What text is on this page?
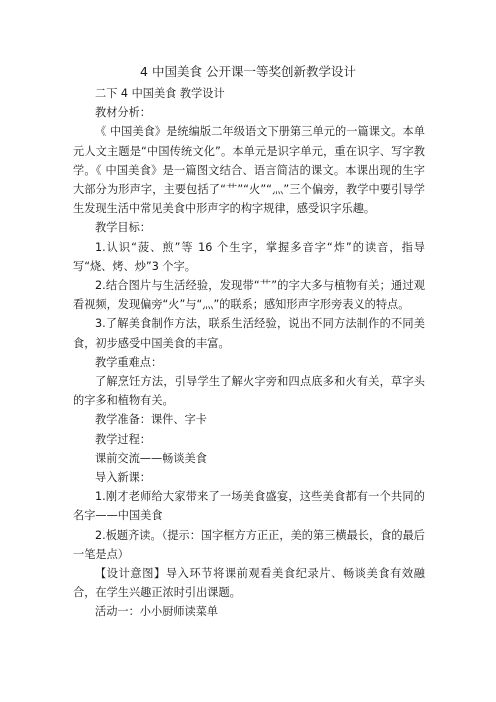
4 中国美食 公开课一等奖创新教学设计

二下 4 中国美食 教学设计

教材分析：

《 中国美食》是统编版二年级语文下册第三单元的一篇课文。本单元人文主题是“中国传统文化”。本单元是识字单元，重在识字、写字教学。《 中国美食》是一篇图文结合、语言简洁的课文。本课出现的生字大部分为形声字，主要包括了“艹”“火”“灬”三个偏旁，教学中要引导学生发现生活中常见美食中形声字的构字规律，感受识字乐趣。

教学目标：

1.认识“菠、煎”等 16 个生字，掌握多音字“炸”的读音，指导写“烧、烤、炒”3 个字。

2.结合图片与生活经验，发现带“艹”的字大多与植物有关；通过观看视频，发现偏旁“火”与“灬”的联系；感知形声字形旁表义的特点。

3.了解美食制作方法，联系生活经验，说出不同方法制作的不同美食，初步感受中国美食的丰富。

教学重难点：

了解烹饪方法，引导学生了解火字旁和四点底多和火有关，草字头的字多和植物有关。

教学准备：课件、字卡

教学过程：

课前交流——畅谈美食

导入新课：

1.刚才老师给大家带来了一场美食盛宴，这些美食都有一个共同的名字——中国美食

2.板题齐读。（提示：国字框方方正正，美的第三横最长，食的最后一笔是点）

【设计意图】导入环节将课前观看美食纪录片、畅谈美食有效融合，在学生兴趣正浓时引出课题。

活动一：小小厨师读菜单
